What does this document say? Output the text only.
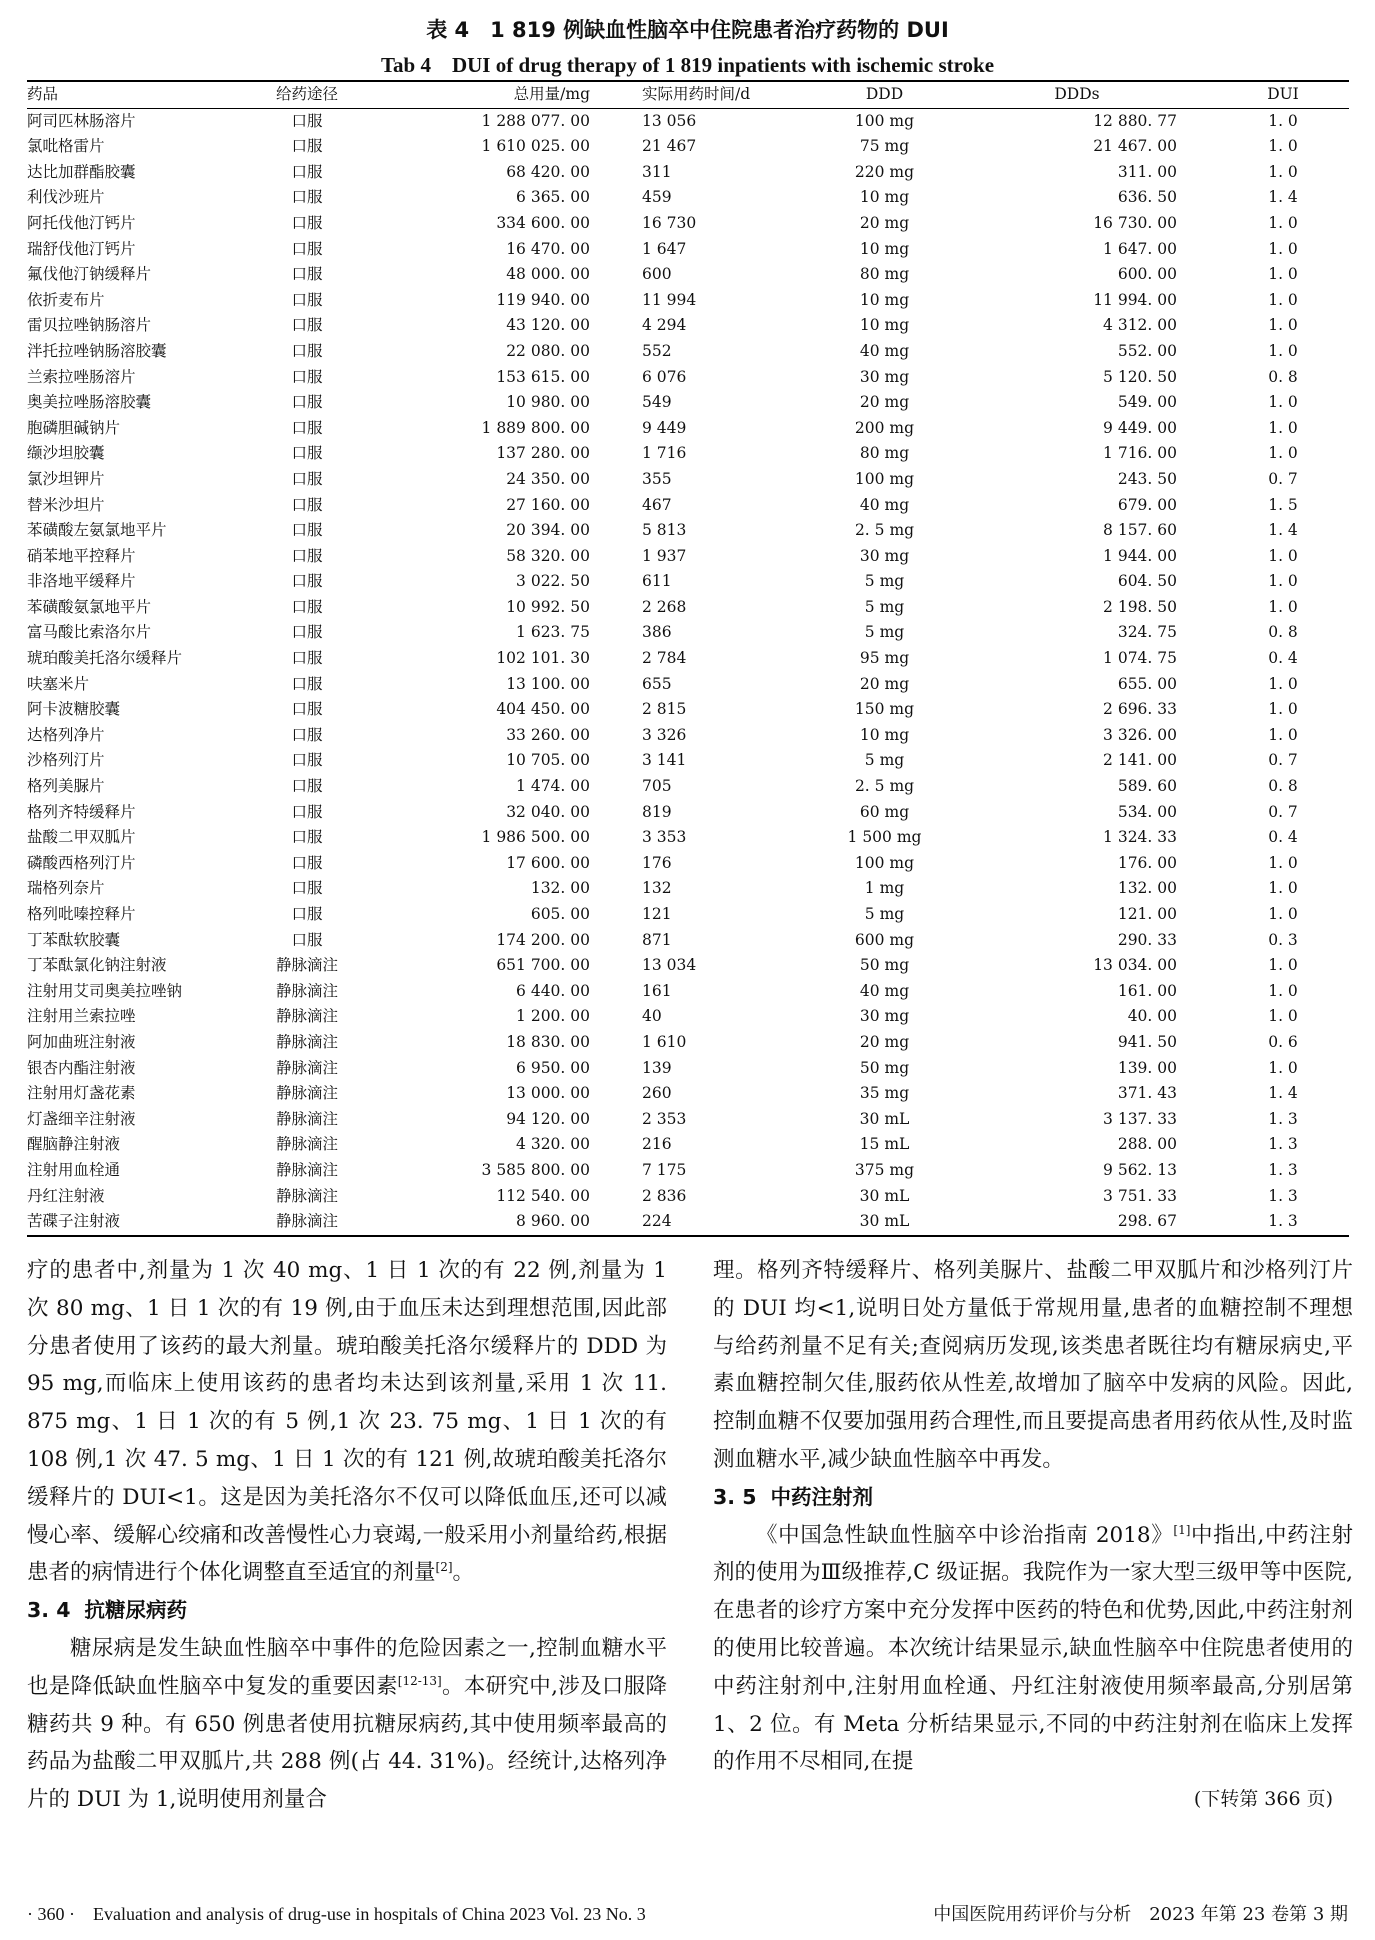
表 4　1 819 例缺血性脑卒中住院患者治疗药物的 DUI
Tab 4　DUI of drug therapy of 1 819 inpatients with ischemic stroke
药品	给药途径	总用量/mg	实际用药时间/d	DDD	DDDs	DUI
阿司匹林肠溶片	口服	1 288 077. 00	13 056	100 mg	12 880. 77	1. 0
氯吡格雷片	口服	1 610 025. 00	21 467	75 mg	21 467. 00	1. 0
达比加群酯胶囊	口服	68 420. 00	311	220 mg	311. 00	1. 0
利伐沙班片	口服	6 365. 00	459	10 mg	636. 50	1. 4
阿托伐他汀钙片	口服	334 600. 00	16 730	20 mg	16 730. 00	1. 0
瑞舒伐他汀钙片	口服	16 470. 00	1 647	10 mg	1 647. 00	1. 0
氟伐他汀钠缓释片	口服	48 000. 00	600	80 mg	600. 00	1. 0
依折麦布片	口服	119 940. 00	11 994	10 mg	11 994. 00	1. 0
雷贝拉唑钠肠溶片	口服	43 120. 00	4 294	10 mg	4 312. 00	1. 0
泮托拉唑钠肠溶胶囊	口服	22 080. 00	552	40 mg	552. 00	1. 0
兰索拉唑肠溶片	口服	153 615. 00	6 076	30 mg	5 120. 50	0. 8
奥美拉唑肠溶胶囊	口服	10 980. 00	549	20 mg	549. 00	1. 0
胞磷胆碱钠片	口服	1 889 800. 00	9 449	200 mg	9 449. 00	1. 0
缬沙坦胶囊	口服	137 280. 00	1 716	80 mg	1 716. 00	1. 0
氯沙坦钾片	口服	24 350. 00	355	100 mg	243. 50	0. 7
替米沙坦片	口服	27 160. 00	467	40 mg	679. 00	1. 5
苯磺酸左氨氯地平片	口服	20 394. 00	5 813	2. 5 mg	8 157. 60	1. 4
硝苯地平控释片	口服	58 320. 00	1 937	30 mg	1 944. 00	1. 0
非洛地平缓释片	口服	3 022. 50	611	5 mg	604. 50	1. 0
苯磺酸氨氯地平片	口服	10 992. 50	2 268	5 mg	2 198. 50	1. 0
富马酸比索洛尔片	口服	1 623. 75	386	5 mg	324. 75	0. 8
琥珀酸美托洛尔缓释片	口服	102 101. 30	2 784	95 mg	1 074. 75	0. 4
呋塞米片	口服	13 100. 00	655	20 mg	655. 00	1. 0
阿卡波糖胶囊	口服	404 450. 00	2 815	150 mg	2 696. 33	1. 0
达格列净片	口服	33 260. 00	3 326	10 mg	3 326. 00	1. 0
沙格列汀片	口服	10 705. 00	3 141	5 mg	2 141. 00	0. 7
格列美脲片	口服	1 474. 00	705	2. 5 mg	589. 60	0. 8
格列齐特缓释片	口服	32 040. 00	819	60 mg	534. 00	0. 7
盐酸二甲双胍片	口服	1 986 500. 00	3 353	1 500 mg	1 324. 33	0. 4
磷酸西格列汀片	口服	17 600. 00	176	100 mg	176. 00	1. 0
瑞格列奈片	口服	132. 00	132	1 mg	132. 00	1. 0
格列吡嗪控释片	口服	605. 00	121	5 mg	121. 00	1. 0
丁苯酞软胶囊	口服	174 200. 00	871	600 mg	290. 33	0. 3
丁苯酞氯化钠注射液	静脉滴注	651 700. 00	13 034	50 mg	13 034. 00	1. 0
注射用艾司奥美拉唑钠	静脉滴注	6 440. 00	161	40 mg	161. 00	1. 0
注射用兰索拉唑	静脉滴注	1 200. 00	40	30 mg	40. 00	1. 0
阿加曲班注射液	静脉滴注	18 830. 00	1 610	20 mg	941. 50	0. 6
银杏内酯注射液	静脉滴注	6 950. 00	139	50 mg	139. 00	1. 0
注射用灯盏花素	静脉滴注	13 000. 00	260	35 mg	371. 43	1. 4
灯盏细辛注射液	静脉滴注	94 120. 00	2 353	30 mL	3 137. 33	1. 3
醒脑静注射液	静脉滴注	4 320. 00	216	15 mL	288. 00	1. 3
注射用血栓通	静脉滴注	3 585 800. 00	7 175	375 mg	9 562. 13	1. 3
丹红注射液	静脉滴注	112 540. 00	2 836	30 mL	3 751. 33	1. 3
苦碟子注射液	静脉滴注	8 960. 00	224	30 mL	298. 67	1. 3

疗的患者中,剂量为 1 次 40 mg、1 日 1 次的有 22 例,剂量为 1 次 80 mg、1 日 1 次的有 19 例,由于血压未达到理想范围,因此部分患者使用了该药的最大剂量。琥珀酸美托洛尔缓释片的 DDD 为 95 mg,而临床上使用该药的患者均未达到该剂量,采用 1 次 11. 875 mg、1 日 1 次的有 5 例,1 次 23. 75 mg、1 日 1 次的有 108 例,1 次 47. 5 mg、1 日 1 次的有 121 例,故琥珀酸美托洛尔缓释片的 DUI<1。这是因为美托洛尔不仅可以降低血压,还可以减慢心率、缓解心绞痛和改善慢性心力衰竭,一般采用小剂量给药,根据患者的病情进行个体化调整直至适宜的剂量[2]。

3. 4 抗糖尿病药

糖尿病是发生缺血性脑卒中事件的危险因素之一,控制血糖水平也是降低缺血性脑卒中复发的重要因素[12-13]。本研究中,涉及口服降糖药共 9 种。有 650 例患者使用抗糖尿病药,其中使用频率最高的药品为盐酸二甲双胍片,共 288 例(占 44. 31%)。经统计,达格列净片的 DUI 为 1,说明使用剂量合

理。格列齐特缓释片、格列美脲片、盐酸二甲双胍片和沙格列汀片的 DUI 均<1,说明日处方量低于常规用量,患者的血糖控制不理想与给药剂量不足有关;查阅病历发现,该类患者既往均有糖尿病史,平素血糖控制欠佳,服药依从性差,故增加了脑卒中发病的风险。因此,控制血糖不仅要加强用药合理性,而且要提高患者用药依从性,及时监测血糖水平,减少缺血性脑卒中再发。

3. 5 中药注射剂

《中国急性缺血性脑卒中诊治指南 2018》[1]中指出,中药注射剂的使用为Ⅲ级推荐,C 级证据。我院作为一家大型三级甲等中医院,在患者的诊疗方案中充分发挥中医药的特色和优势,因此,中药注射剂的使用比较普遍。本次统计结果显示,缺血性脑卒中住院患者使用的中药注射剂中,注射用血栓通、丹红注射液使用频率最高,分别居第 1、2 位。有 Meta 分析结果显示,不同的中药注射剂在临床上发挥的作用不尽相同,在提

(下转第 366 页)
· 360 ·　Evaluation and analysis of drug-use in hospitals of China 2023 Vol. 23 No. 3	中国医院用药评价与分析　2023 年第 23 卷第 3 期
